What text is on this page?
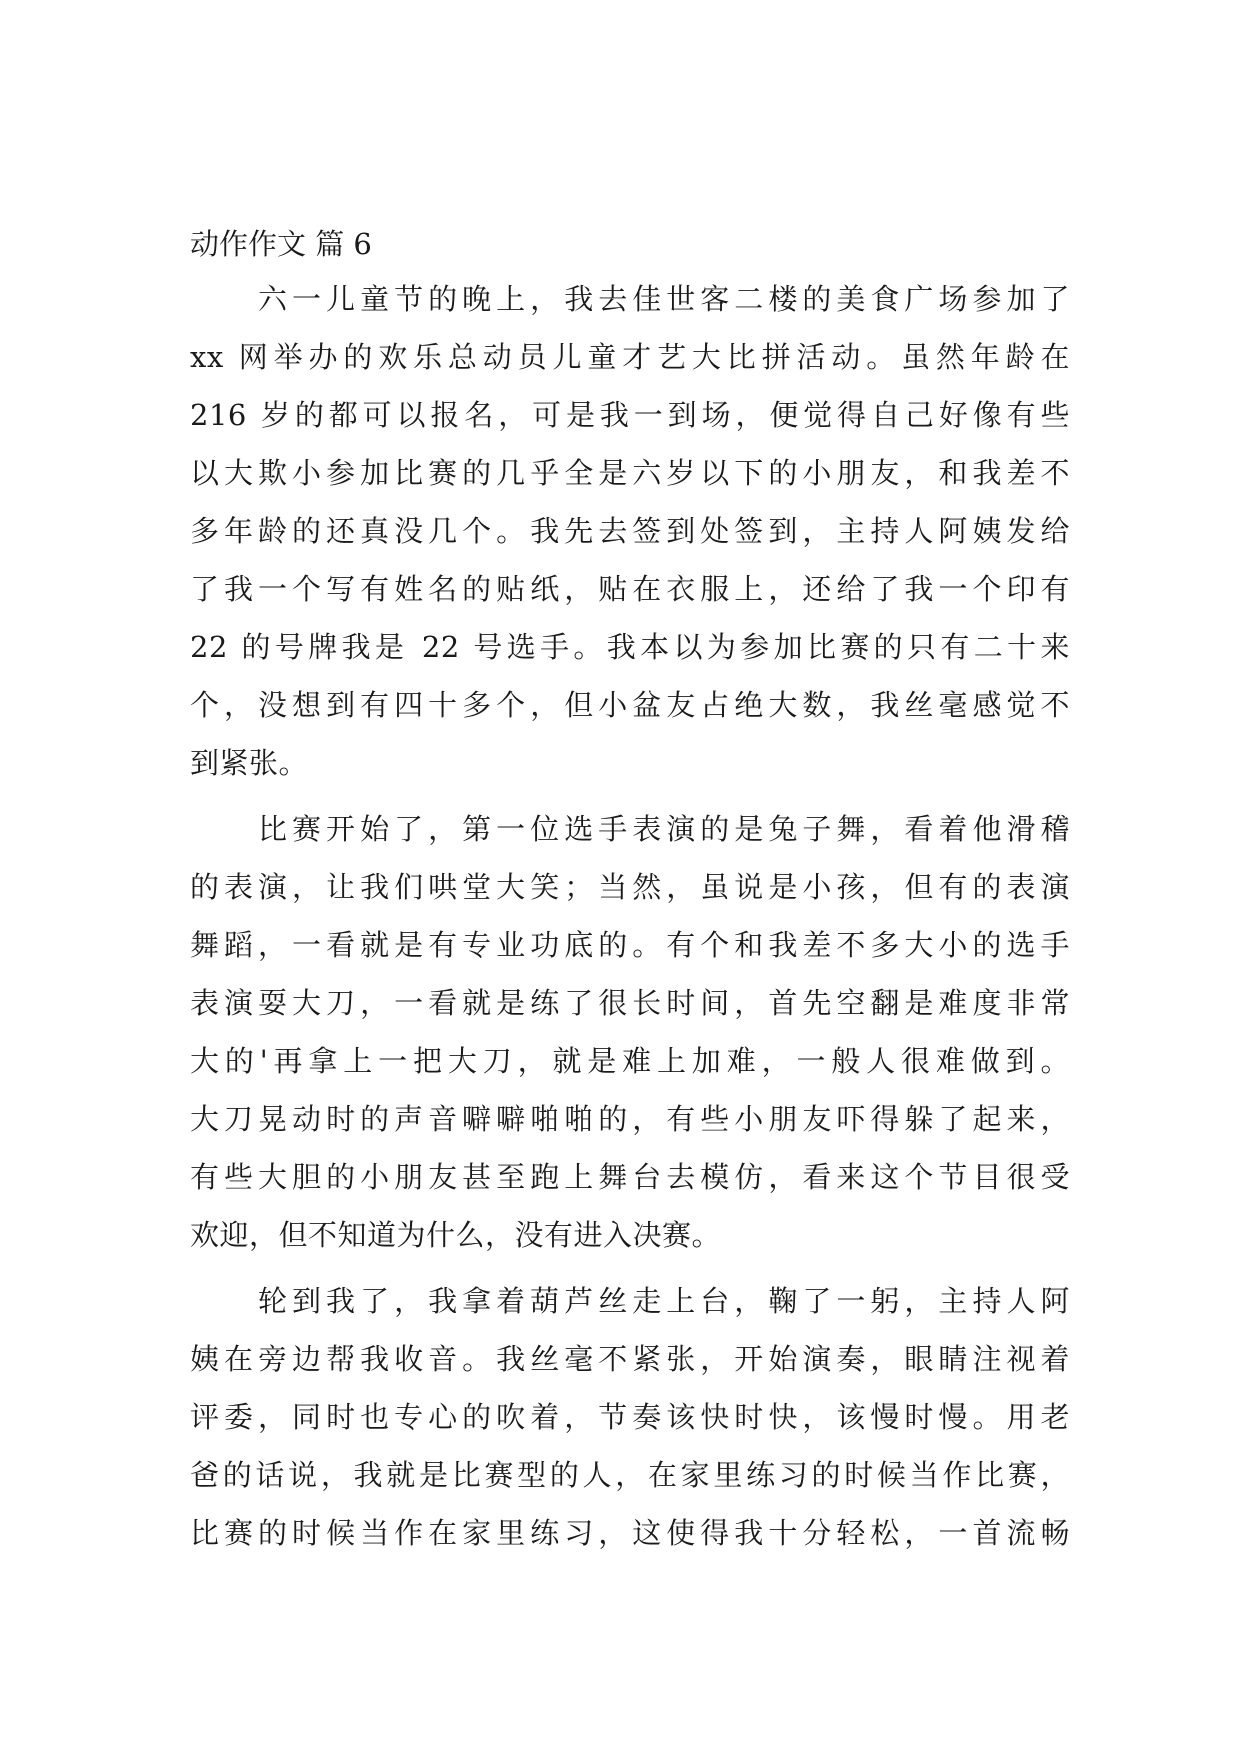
动作作文 篇 6
六一儿童节的晚上，我去佳世客二楼的美食广场参加了
xx 网举办的欢乐总动员儿童才艺大比拼活动。虽然年龄在
216 岁的都可以报名，可是我一到场，便觉得自己好像有些
以大欺小参加比赛的几乎全是六岁以下的小朋友，和我差不
多年龄的还真没几个。我先去签到处签到，主持人阿姨发给
了我一个写有姓名的贴纸，贴在衣服上，还给了我一个印有
22 的号牌我是 22 号选手。我本以为参加比赛的只有二十来
个，没想到有四十多个，但小盆友占绝大数，我丝毫感觉不
到紧张。
比赛开始了，第一位选手表演的是兔子舞，看着他滑稽
的表演，让我们哄堂大笑；当然，虽说是小孩，但有的表演
舞蹈，一看就是有专业功底的。有个和我差不多大小的选手
表演耍大刀，一看就是练了很长时间，首先空翻是难度非常
大的'再拿上一把大刀，就是难上加难，一般人很难做到。
大刀晃动时的声音噼噼啪啪的，有些小朋友吓得躲了起来，
有些大胆的小朋友甚至跑上舞台去模仿，看来这个节目很受
欢迎，但不知道为什么，没有进入决赛。
轮到我了，我拿着葫芦丝走上台，鞠了一躬，主持人阿
姨在旁边帮我收音。我丝毫不紧张，开始演奏，眼睛注视着
评委，同时也专心的吹着，节奏该快时快，该慢时慢。用老
爸的话说，我就是比赛型的人，在家里练习的时候当作比赛，
比赛的时候当作在家里练习，这使得我十分轻松，一首流畅
